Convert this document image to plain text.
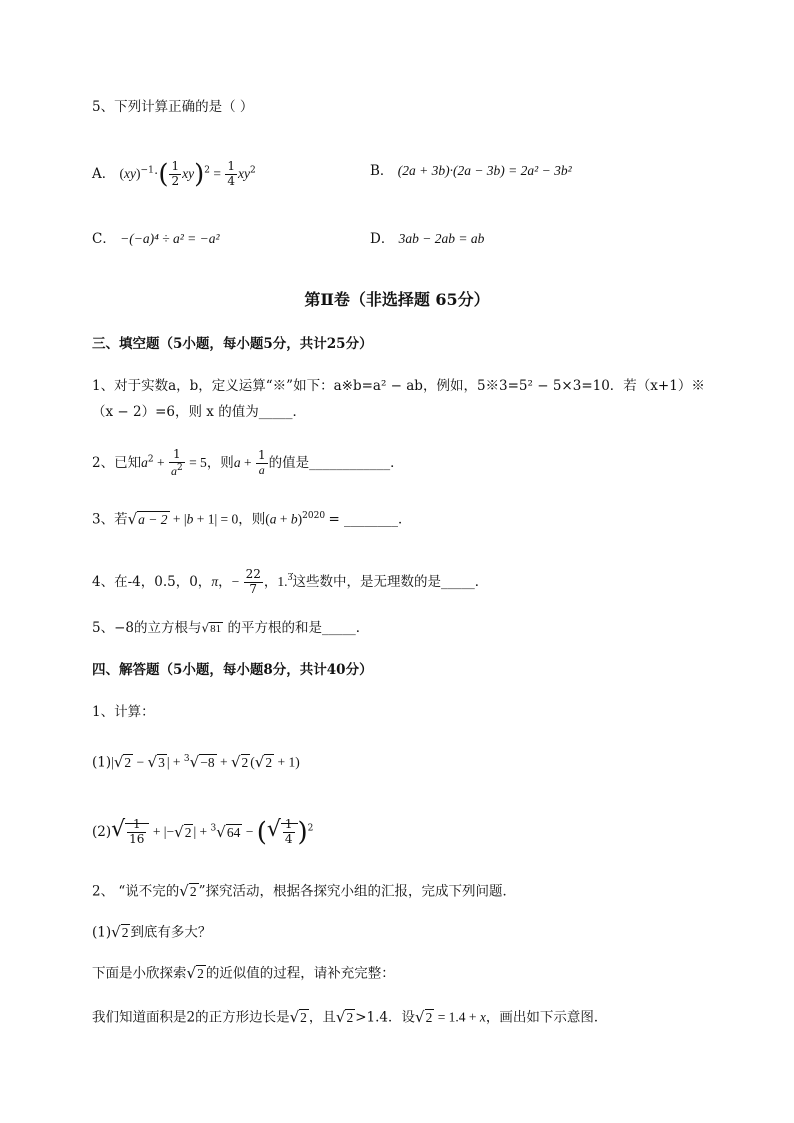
5、下列计算正确的是（ ）
A． $(xy)^{-1}\cdot( \frac{1}{2} xy)^2 = \frac{1}{4} xy^2$	B． (2a + 3b)·(2a − 3b) = 2a² − 3b²
C． −(−a)⁴ ÷ a² = −a²	D． 3ab − 2ab = ab
第Ⅱ卷（非选择题 65分）
三、填空题（5小题，每小题5分，共计25分）
1、对于实数a，b，定义运算“※”如下：a※b=a² − ab，例如，5※3=5² − 5×3=10．若（x+1）※
（x − 2）=6，则 x 的值为_____．
2、已知$a^2 + \frac{1}{a^2} = 5$，则$a + \frac{1}{a}$ 的值是____________．
3、若√a − 2 + |b + 1| = 0，则$(a + b)^{2020}$ = ________．
4、在-4，0.5，0，π，− $\frac{22}{7}$ ，1.$^{3̇}$这些数中，是无理数的是_____．
5、−8的立方根与√81 的平方根的和是_____．
四、解答题（5小题，每小题8分，共计40分）
1、计算：
(1)|√2 − √3 | + $^3$√−8 + √2 (√2 + 1)
$(2)√ \frac{1}{16} + |-√2$ | + $^3$√64 − (√ $\frac{1}{4} )^2$
2、 “说不完的√2 ”探究活动，根据各探究小组的汇报，完成下列问题．
(1)√2 到底有多大？
下面是小欣探索√2 的近似值的过程，请补充完整：
我们知道面积是2的正方形边长是√2 ，且√2 >1.4．设√2 = 1.4 + x，画出如下示意图．
